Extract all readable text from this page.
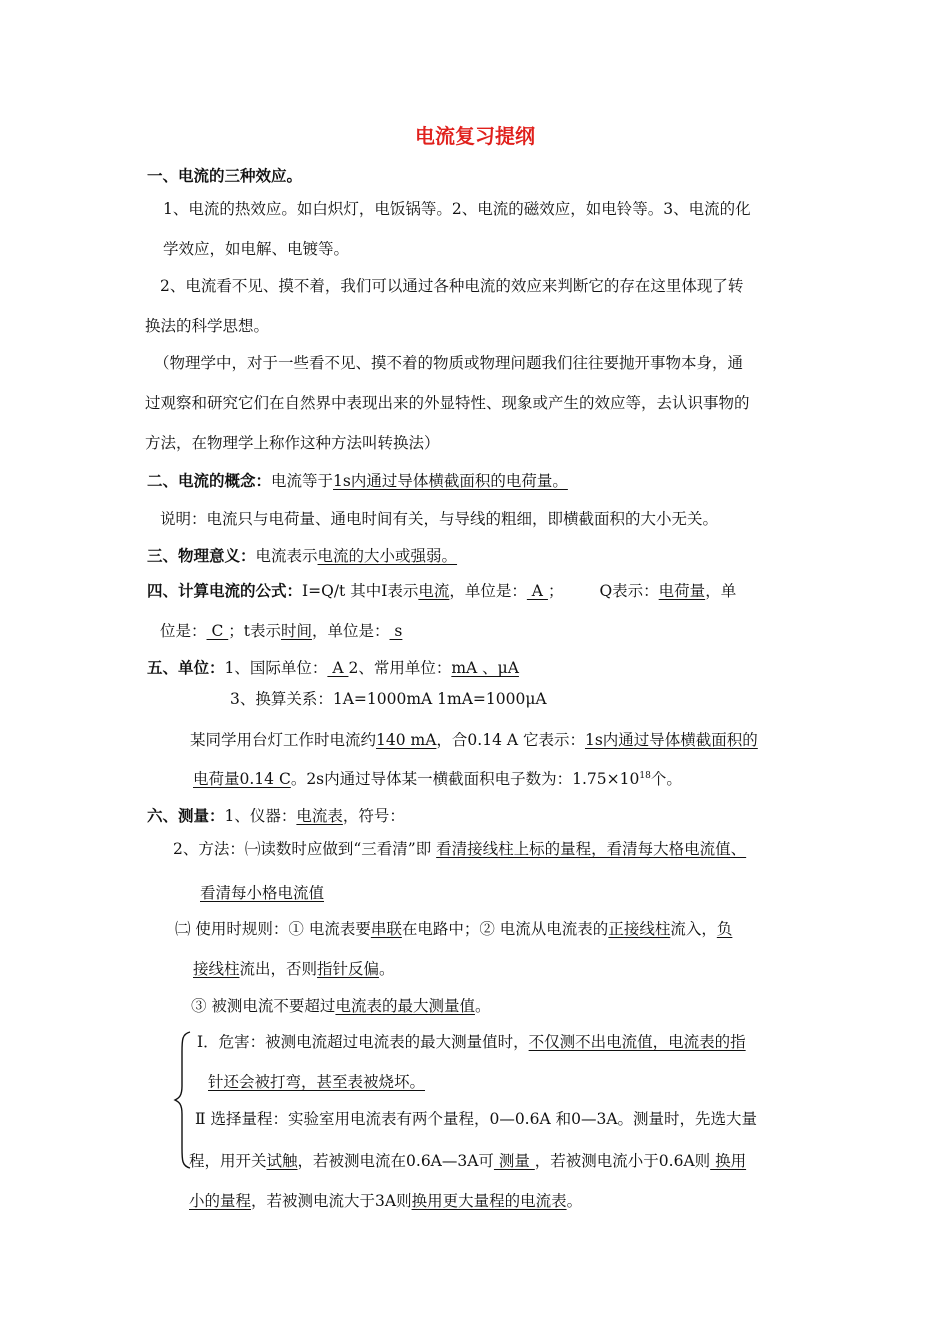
电流复习提纲
一、电流的三种效应。
1、电流的热效应。如白炽灯，电饭锅等。2、电流的磁效应，如电铃等。3、电流的化
学效应，如电解、电镀等。
2、电流看不见、摸不着，我们可以通过各种电流的效应来判断它的存在这里体现了转
换法的科学思想。
（物理学中，对于一些看不见、摸不着的物质或物理问题我们往往要抛开事物本身，通
过观察和研究它们在自然界中表现出来的外显特性、现象或产生的效应等，去认识事物的
方法，在物理学上称作这种方法叫转换法）
二、电流的概念：电流等于1s内通过导体横截面积的电荷量。
说明：电流只与电荷量、通电时间有关，与导线的粗细，即横截面积的大小无关。
三、物理意义：电流表示电流的大小或强弱。
四、计算电流的公式：I=Q/t 其中I表示电流，单位是： A ； Q表示：电荷量，单
位是： C ；t表示时间，单位是： s
五、单位：1、国际单位： A 2、常用单位：mA 、μA
3、换算关系：1A=1000mA 1mA=1000μA
某同学用台灯工作时电流约140 mA，合0.14 A 它表示：1s内通过导体横截面积的
电荷量0.14 C。2s内通过导体某一横截面积电子数为：$1.75\times 10^{18}$个。
六、测量：1、仪器：电流表，符号：
2、方法：㈠读数时应做到“三看清”即 看清接线柱上标的量程，看清每大格电流值、
看清每小格电流值
㈡ 使用时规则：① 电流表要串联在电路中；② 电流从电流表的正接线柱流入，负
接线柱流出，否则指针反偏。
③ 被测电流不要超过电流表的最大测量值。
Ⅰ．危害：被测电流超过电流表的最大测量值时，不仅测不出电流值，电流表的指
针还会被打弯，甚至表被烧坏。
Ⅱ 选择量程：实验室用电流表有两个量程，0—0.6A 和0—3A。测量时，先选大量
程，用开关试触，若被测电流在0.6A—3A可 测量 ，若被测电流小于0.6A则 换用
小的量程，若被测电流大于3A则换用更大量程的电流表。
